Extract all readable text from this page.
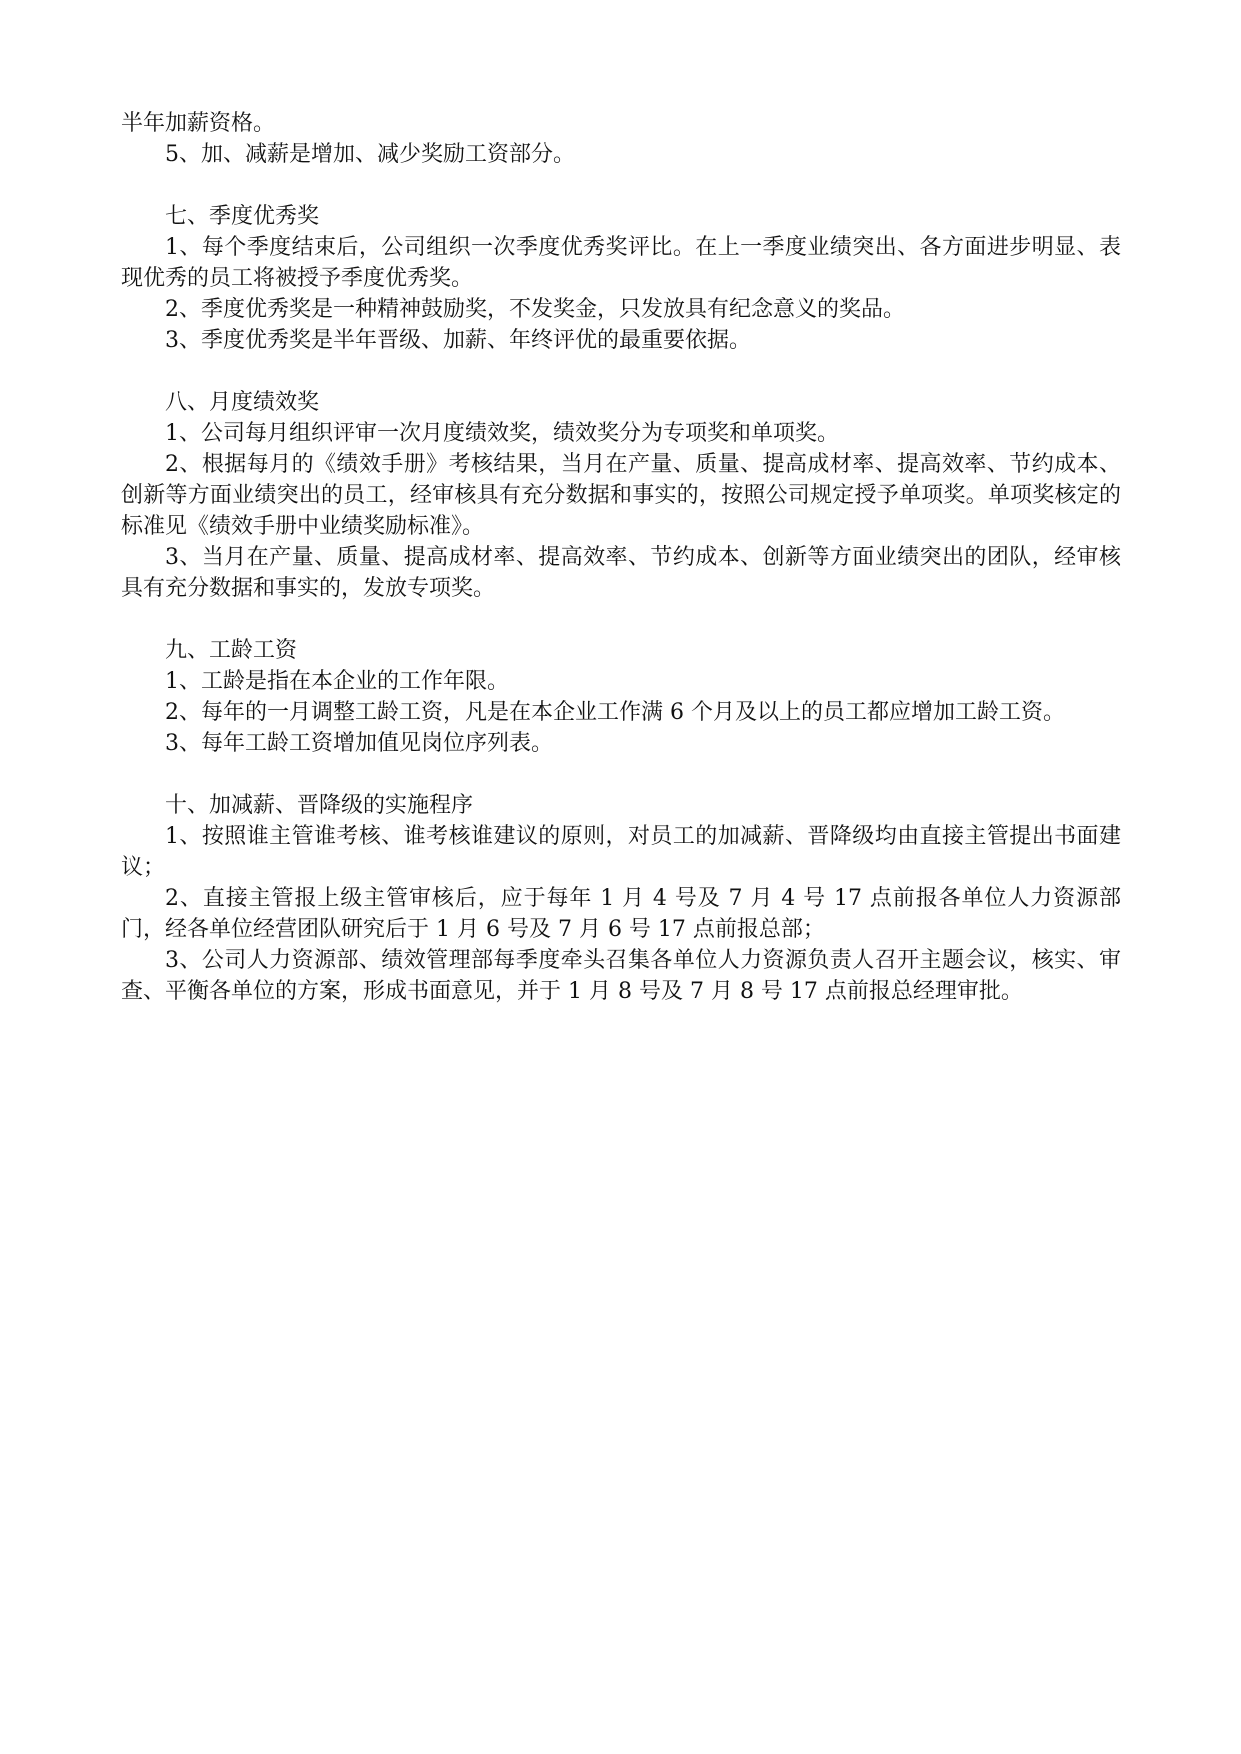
半年加薪资格。
5、加、减薪是增加、减少奖励工资部分。
七、季度优秀奖
1、每个季度结束后，公司组织一次季度优秀奖评比。在上一季度业绩突出、各方面进步明显、表现优秀的员工将被授予季度优秀奖。
2、季度优秀奖是一种精神鼓励奖，不发奖金，只发放具有纪念意义的奖品。
3、季度优秀奖是半年晋级、加薪、年终评优的最重要依据。
八、月度绩效奖
1、公司每月组织评审一次月度绩效奖，绩效奖分为专项奖和单项奖。
2、根据每月的《绩效手册》考核结果，当月在产量、质量、提高成材率、提高效率、节约成本、创新等方面业绩突出的员工，经审核具有充分数据和事实的，按照公司规定授予单项奖。单项奖核定的标准见《绩效手册中业绩奖励标准》。
3、当月在产量、质量、提高成材率、提高效率、节约成本、创新等方面业绩突出的团队，经审核具有充分数据和事实的，发放专项奖。
九、工龄工资
1、工龄是指在本企业的工作年限。
2、每年的一月调整工龄工资，凡是在本企业工作满 6 个月及以上的员工都应增加工龄工资。
3、每年工龄工资增加值见岗位序列表。
十、加减薪、晋降级的实施程序
1、按照谁主管谁考核、谁考核谁建议的原则，对员工的加减薪、晋降级均由直接主管提出书面建议；
2、直接主管报上级主管审核后，应于每年 1 月 4 号及 7 月 4 号 17 点前报各单位人力资源部门，经各单位经营团队研究后于 1 月 6 号及 7 月 6 号 17 点前报总部；
3、公司人力资源部、绩效管理部每季度牵头召集各单位人力资源负责人召开主题会议，核实、审查、平衡各单位的方案，形成书面意见，并于 1 月 8 号及 7 月 8 号 17 点前报总经理审批。
